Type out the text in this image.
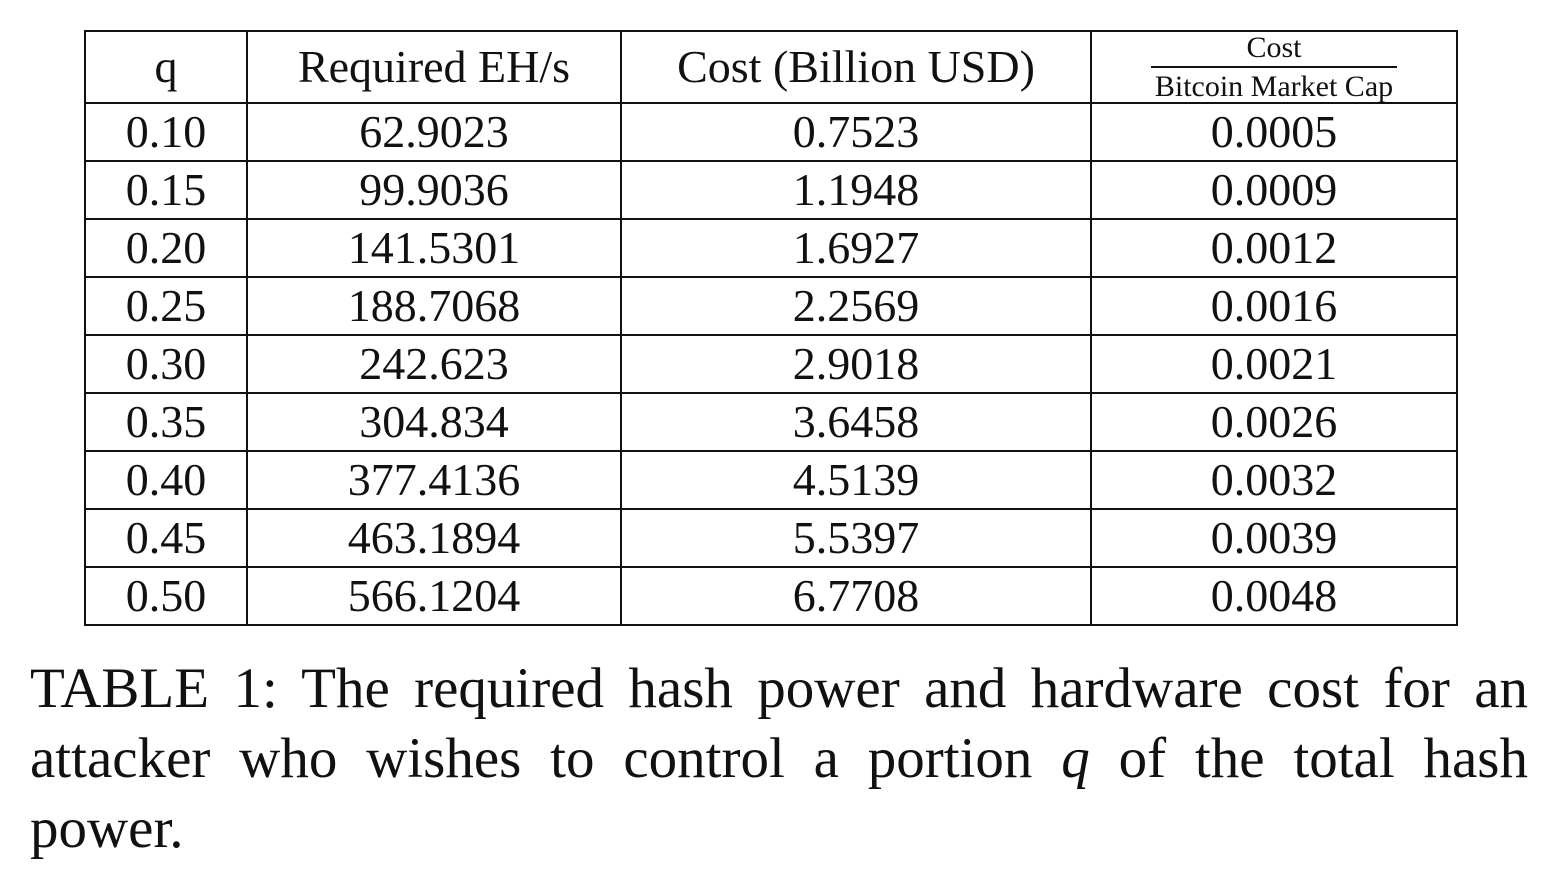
q	Required EH/s	Cost (Billion USD)	$\frac{\text{Cost}}{\text{Bitcoin Market Cap}}$

0.10	62.9023	0.7523	0.0005
0.15	99.9036	1.1948	0.0009
0.20	141.5301	1.6927	0.0012
0.25	188.7068	2.2569	0.0016
0.30	242.623	2.9018	0.0021
0.35	304.834	3.6458	0.0026
0.40	377.4136	4.5139	0.0032
0.45	463.1894	5.5397	0.0039
0.50	566.1204	6.7708	0.0048
TABLE 1: The required hash power and hardware cost for an attacker who wishes to control a portion q of the total hash power.
